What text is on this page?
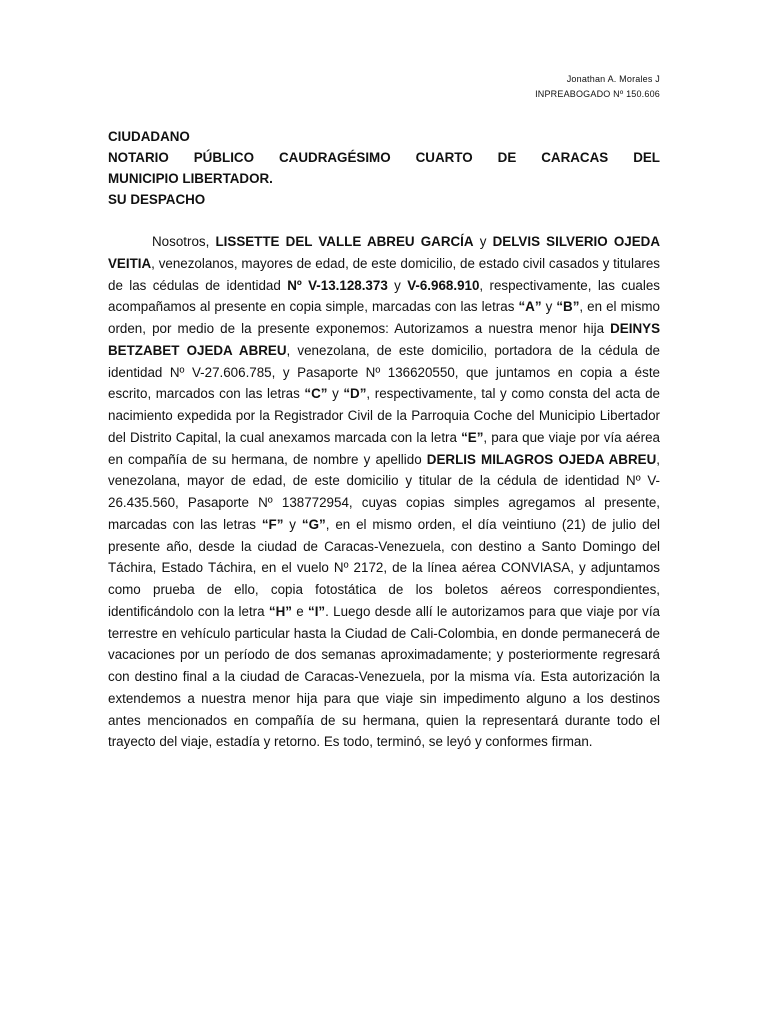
Jonathan A. Morales J
INPREABOGADO Nº 150.606
CIUDADANO
NOTARIO PÚBLICO CAUDRAGÉSIMO CUARTO DE CARACAS DEL
MUNICIPIO LIBERTADOR.
SU DESPACHO

Nosotros, LISSETTE DEL VALLE ABREU GARCÍA y DELVIS SILVERIO OJEDA VEITIA, venezolanos, mayores de edad, de este domicilio, de estado civil casados y titulares de las cédulas de identidad Nº V-13.128.373 y V-6.968.910, respectivamente, las cuales acompañamos al presente en copia simple, marcadas con las letras “A” y “B”, en el mismo orden, por medio de la presente exponemos: Autorizamos a nuestra menor hija DEINYS BETZABET OJEDA ABREU, venezolana, de este domicilio, portadora de la cédula de identidad Nº V-27.606.785, y Pasaporte Nº 136620550, que juntamos en copia a éste escrito, marcados con las letras “C” y “D”, respectivamente, tal y como consta del acta de nacimiento expedida por la Registrador Civil de la Parroquia Coche del Municipio Libertador del Distrito Capital, la cual anexamos marcada con la letra “E”, para que viaje por vía aérea en compañía de su hermana, de nombre y apellido DERLIS MILAGROS OJEDA ABREU, venezolana, mayor de edad, de este domicilio y titular de la cédula de identidad Nº V-26.435.560, Pasaporte Nº 138772954, cuyas copias simples agregamos al presente, marcadas con las letras “F” y “G”, en el mismo orden, el día veintiuno (21) de julio del presente año, desde la ciudad de Caracas-Venezuela, con destino a Santo Domingo del Táchira, Estado Táchira, en el vuelo Nº 2172, de la línea aérea CONVIASA, y adjuntamos como prueba de ello, copia fotostática de los boletos aéreos correspondientes, identificándolo con la letra “H” e “I”. Luego desde allí le autorizamos para que viaje por vía terrestre en vehículo particular hasta la Ciudad de Cali-Colombia, en donde permanecerá de vacaciones por un período de dos semanas aproximadamente; y posteriormente regresará con destino final a la ciudad de Caracas-Venezuela, por la misma vía. Esta autorización la extendemos a nuestra menor hija para que viaje sin impedimento alguno a los destinos antes mencionados en compañía de su hermana, quien la representará durante todo el trayecto del viaje, estadía y retorno. Es todo, terminó, se leyó y conformes firman.
